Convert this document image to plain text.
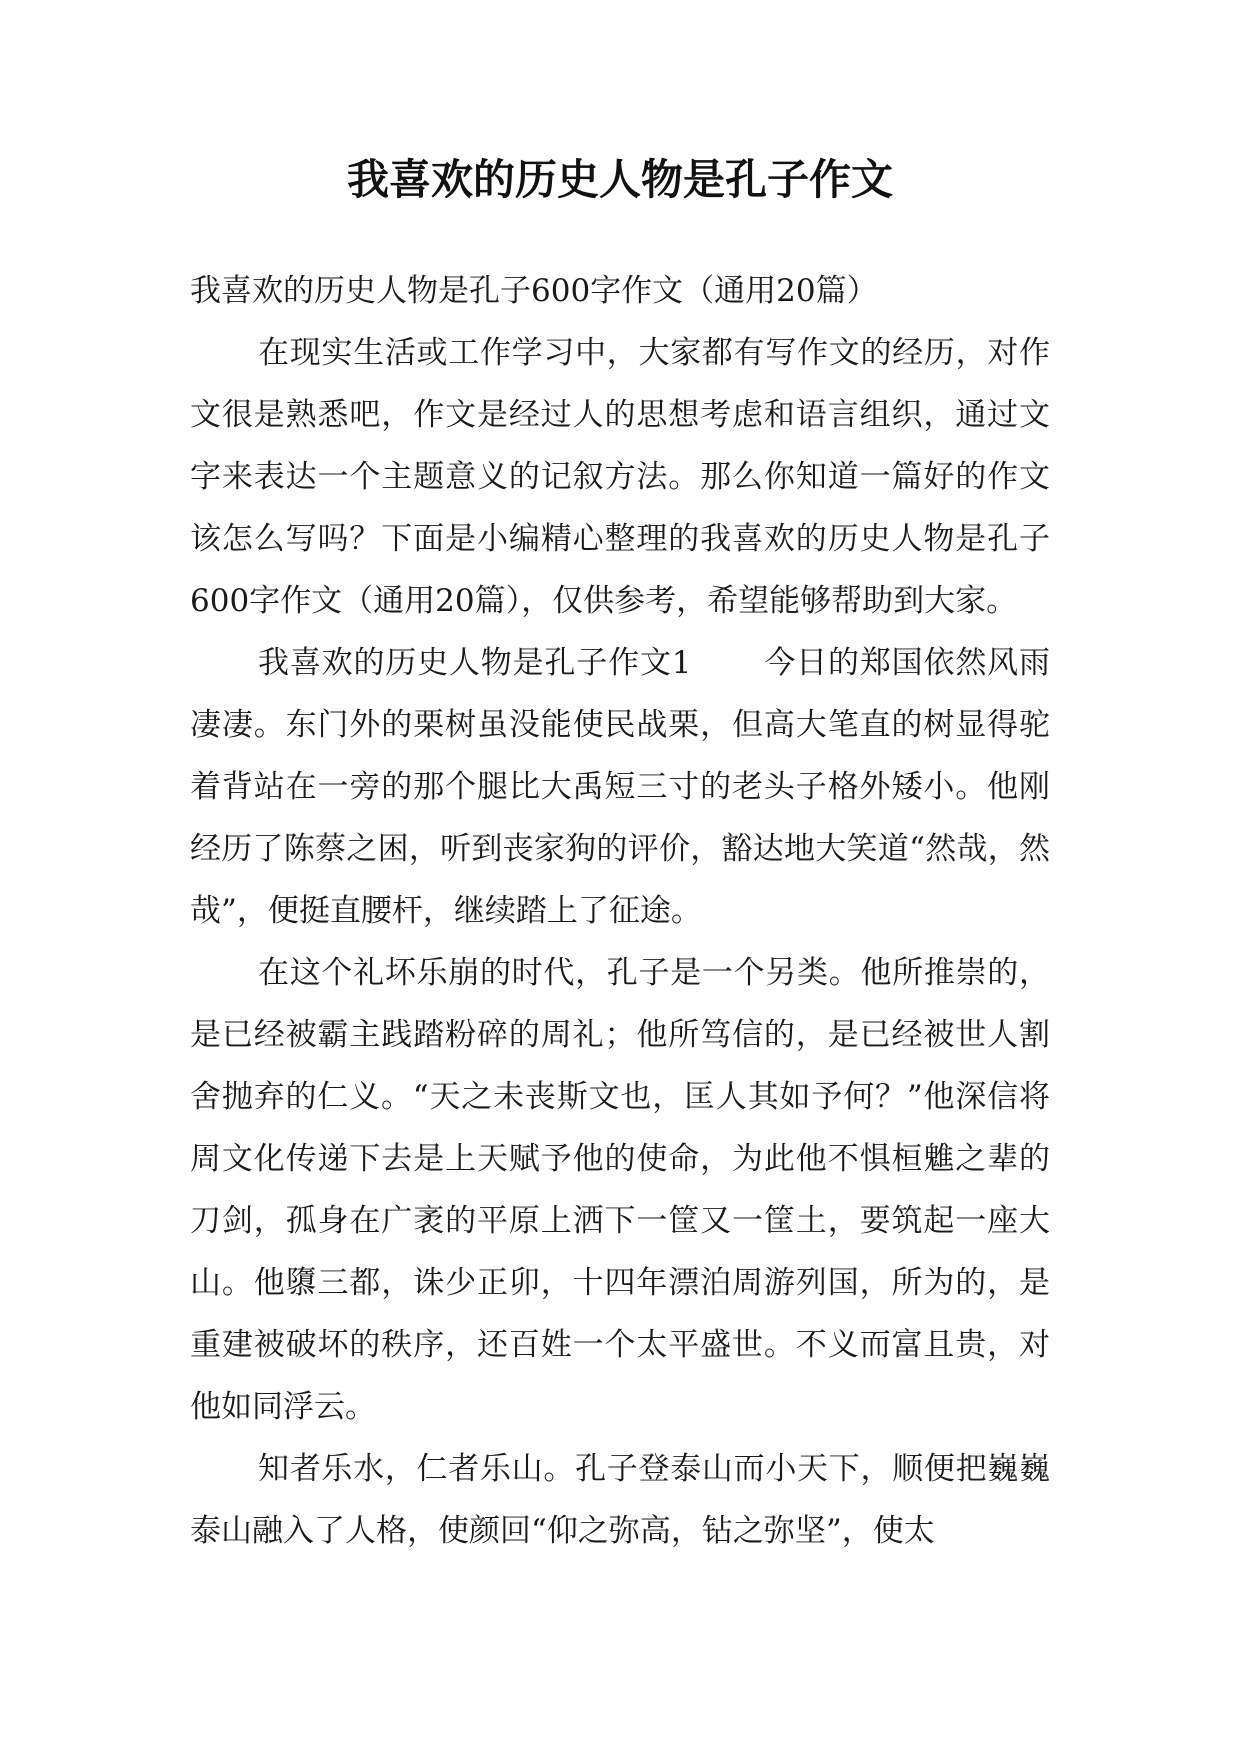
我喜欢的历史人物是孔子作文

我喜欢的历史人物是孔子600字作文（通用20篇）

在现实生活或工作学习中，大家都有写作文的经历，对作文很是熟悉吧，作文是经过人的思想考虑和语言组织，通过文字来表达一个主题意义的记叙方法。那么你知道一篇好的作文该怎么写吗？下面是小编精心整理的我喜欢的历史人物是孔子600字作文（通用20篇），仅供参考，希望能够帮助到大家。

我喜欢的历史人物是孔子作文1 今日的郑国依然风雨凄凄。东门外的栗树虽没能使民战栗，但高大笔直的树显得驼着背站在一旁的那个腿比大禹短三寸的老头子格外矮小。他刚经历了陈蔡之困，听到丧家狗的评价，豁达地大笑道“然哉，然哉”，便挺直腰杆，继续踏上了征途。

在这个礼坏乐崩的时代，孔子是一个另类。他所推崇的，是已经被霸主践踏粉碎的周礼；他所笃信的，是已经被世人割舍抛弃的仁义。“天之未丧斯文也，匡人其如予何？”他深信将周文化传递下去是上天赋予他的使命，为此他不惧桓魋之辈的刀剑，孤身在广袤的平原上洒下一筐又一筐土，要筑起一座大山。他隳三都，诛少正卯，十四年漂泊周游列国，所为的，是重建被破坏的秩序，还百姓一个太平盛世。不义而富且贵，对他如同浮云。

知者乐水，仁者乐山。孔子登泰山而小天下，顺便把巍巍泰山融入了人格，使颜回“仰之弥高，钻之弥坚”，使太
